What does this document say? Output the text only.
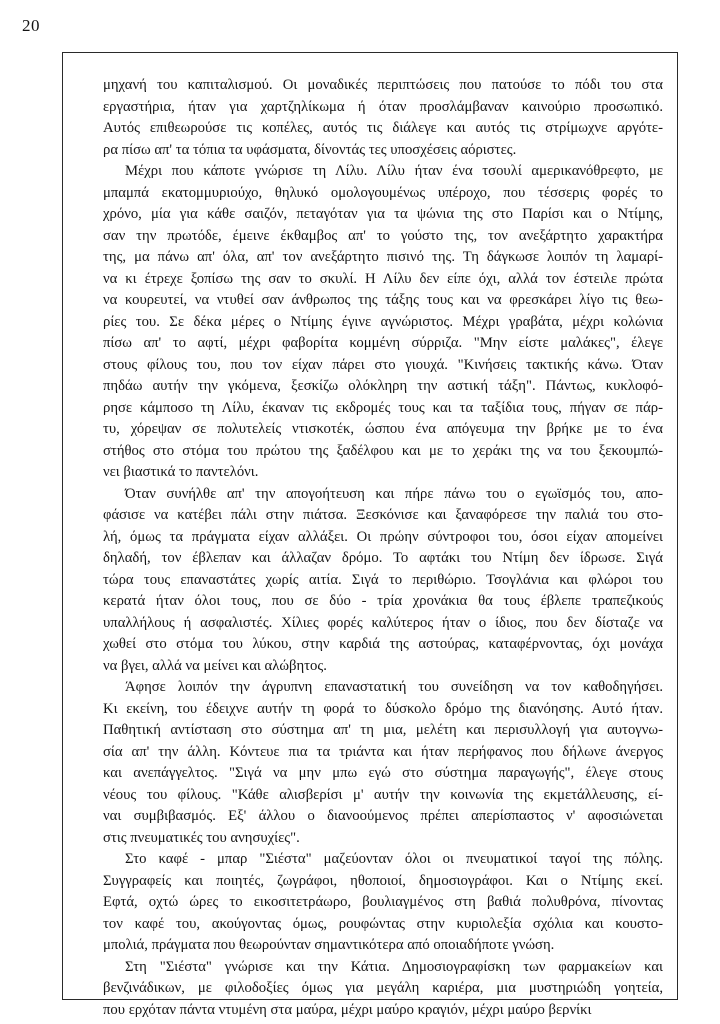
20
μηχανή του καπιταλισμού. Οι μοναδικές περιπτώσεις που πατούσε το πόδι του στα
εργαστήρια, ήταν για χαρτζηλίκωμα ή όταν προσλάμβαναν καινούριο προσωπικό.
Αυτός επιθεωρούσε τις κοπέλες, αυτός τις διάλεγε και αυτός τις στρίμωχνε αργότε-
ρα πίσω απ' τα τόπια τα υφάσματα, δίνοντάς τες υποσχέσεις αόριστες.
Μέχρι που κάποτε γνώρισε τη Λίλυ. Λίλυ ήταν ένα τσουλί αμερικανόθρεφτο, με
μπαμπά εκατομμυριούχο, θηλυκό ομολογουμένως υπέροχο, που τέσσερις φορές το
χρόνο, μία για κάθε σαιζόν, πεταγόταν για τα ψώνια της στο Παρίσι και ο Ντίμης,
σαν την πρωτόδε, έμεινε έκθαμβος απ' το γούστο της, τον ανεξάρτητο χαρακτήρα
της, μα πάνω απ' όλα, απ' τον ανεξάρτητο πισινό της. Τη δάγκωσε λοιπόν τη λαμαρί-
να κι έτρεχε ξοπίσω της σαν το σκυλί. Η Λίλυ δεν είπε όχι, αλλά τον έστειλε πρώτα
να κουρευτεί, να ντυθεί σαν άνθρωπος της τάξης τους και να φρεσκάρει λίγο τις θεω-
ρίες του. Σε δέκα μέρες ο Ντίμης έγινε αγνώριστος. Μέχρι γραβάτα, μέχρι κολώνια
πίσω απ' το αφτί, μέχρι φαβορίτα κομμένη σύρριζα. "Μην είστε μαλάκες", έλεγε
στους φίλους του, που τον είχαν πάρει στο γιουχά. "Κινήσεις τακτικής κάνω. Όταν
πηδάω αυτήν την γκόμενα, ξεσκίζω ολόκληρη την αστική τάξη". Πάντως, κυκλοφό-
ρησε κάμποσο τη Λίλυ, έκαναν τις εκδρομές τους και τα ταξίδια τους, πήγαν σε πάρ-
τυ, χόρεψαν σε πολυτελείς ντισκοτέκ, ώσπου ένα απόγευμα την βρήκε με το ένα
στήθος στο στόμα του πρώτου της ξαδέλφου και με το χεράκι της να του ξεκουμπώ-
νει βιαστικά το παντελόνι.
Όταν συνήλθε απ' την απογοήτευση και πήρε πάνω του ο εγωϊσμός του, απο-
φάσισε να κατέβει πάλι στην πιάτσα. Ξεσκόνισε και ξαναφόρεσε την παλιά του στο-
λή, όμως τα πράγματα είχαν αλλάξει. Οι πρώην σύντροφοι του, όσοι είχαν απομείνει
δηλαδή, τον έβλεπαν και άλλαζαν δρόμο. Το αφτάκι του Ντίμη δεν ίδρωσε. Σιγά
τώρα τους επαναστάτες χωρίς αιτία. Σιγά το περιθώριο. Τσογλάνια και φλώροι του
κερατά ήταν όλοι τους, που σε δύο - τρία χρονάκια θα τους έβλεπε τραπεζικούς
υπαλλήλους ή ασφαλιστές. Χίλιες φορές καλύτερος ήταν ο ίδιος, που δεν δίσταζε να
χωθεί στο στόμα του λύκου, στην καρδιά της αστούρας, καταφέρνοντας, όχι μονάχα
να βγει, αλλά να μείνει και αλώβητος.
Άφησε λοιπόν την άγρυπνη επαναστατική του συνείδηση να τον καθοδηγήσει.
Κι εκείνη, του έδειχνε αυτήν τη φορά το δύσκολο δρόμο της διανόησης. Αυτό ήταν.
Παθητική αντίσταση στο σύστημα απ' τη μια, μελέτη και περισυλλογή για αυτογνω-
σία απ' την άλλη. Κόντευε πια τα τριάντα και ήταν περήφανος που δήλωνε άνεργος
και ανεπάγγελτος. "Σιγά να μην μπω εγώ στο σύστημα παραγωγής", έλεγε στους
νέους του φίλους. "Κάθε αλισβερίσι μ' αυτήν την κοινωνία της εκμετάλλευσης, εί-
ναι συμβιβασμός. Εξ' άλλου ο διανοούμενος πρέπει απερίσπαστος ν' αφοσιώνεται
στις πνευματικές του ανησυχίες".
Στο καφέ - μπαρ "Σιέστα" μαζεύονταν όλοι οι πνευματικοί ταγοί της πόλης.
Συγγραφείς και ποιητές, ζωγράφοι, ηθοποιοί, δημοσιογράφοι. Και ο Ντίμης εκεί.
Εφτά, οχτώ ώρες το εικοσιτετράωρο, βουλιαγμένος στη βαθιά πολυθρόνα, πίνοντας
τον καφέ του, ακούγοντας όμως, ρουφώντας στην κυριολεξία σχόλια και κουστο-
μπολιά, πράγματα που θεωρούνταν σημαντικότερα από οποιαδήποτε γνώση.
Στη "Σιέστα" γνώρισε και την Κάτια. Δημοσιογραφίσκη των φαρμακείων και
βενζινάδικων, με φιλοδοξίες όμως για μεγάλη καριέρα, μια μυστηριώδη γοητεία,
που ερχόταν πάντα ντυμένη στα μαύρα, μέχρι μαύρο κραγιόν, μέχρι μαύρο βερνίκι
